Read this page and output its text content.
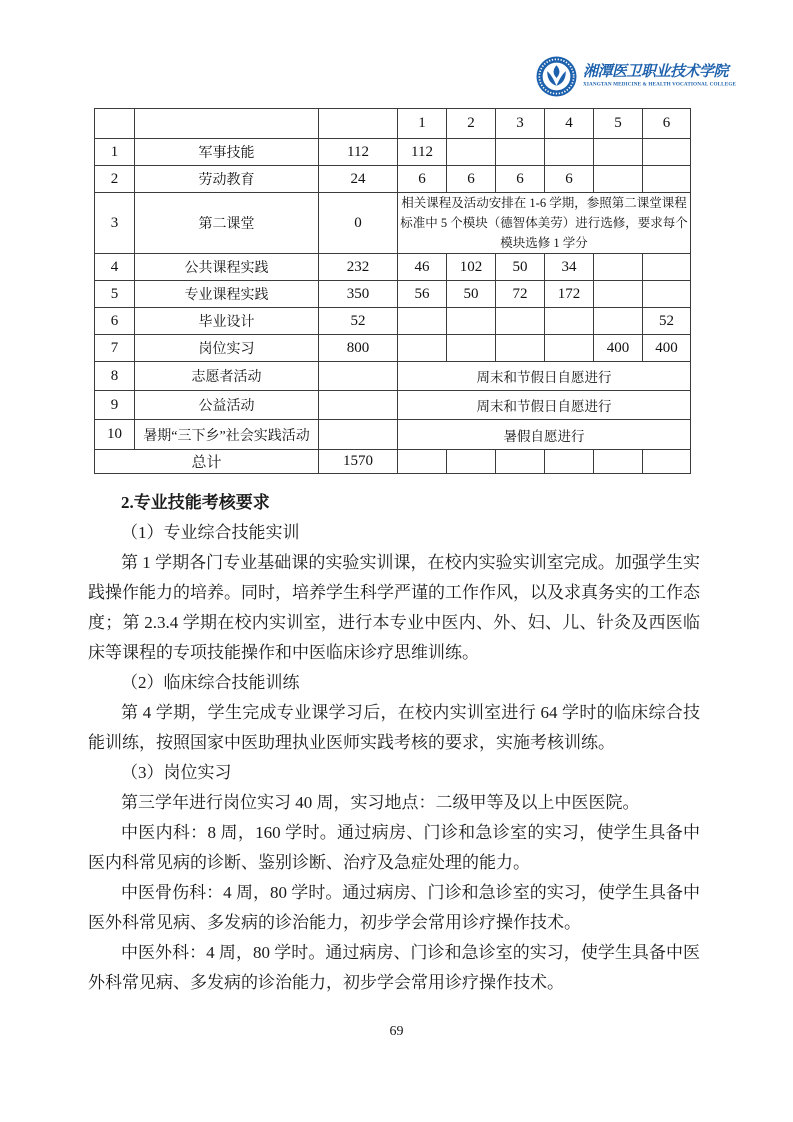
湘潭医卫职业技术学院
XIANGTAN MEDICINE & HEALTH VOCATIONAL COLLEGE
			1	2	3	4	5	6
1	军事技能	112	112					
2	劳动教育	24	6	6	6	6		
3	第二课堂	0	相关课程及活动安排在 1-6 学期，参照第二课堂课程标准中 5 个模块（德智体美劳）进行选修，要求每个模块选修 1 学分					
4	公共课程实践	232	46	102	50	34		
5	专业课程实践	350	56	50	72	172		
6	毕业设计	52						52
7	岗位实习	800					400	400
8	志愿者活动		周末和节假日自愿进行					
9	公益活动		周末和节假日自愿进行					
10	暑期“三下乡”社会实践活动		暑假自愿进行					
总计		1570						

2.专业技能考核要求

（1）专业综合技能实训

第 1 学期各门专业基础课的实验实训课，在校内实验实训室完成。加强学生实践操作能力的培养。同时，培养学生科学严谨的工作作风，以及求真务实的工作态度；第 2.3.4 学期在校内实训室，进行本专业中医内、外、妇、儿、针灸及西医临床等课程的专项技能操作和中医临床诊疗思维训练。

（2）临床综合技能训练

第 4 学期，学生完成专业课学习后，在校内实训室进行 64 学时的临床综合技能训练，按照国家中医助理执业医师实践考核的要求，实施考核训练。

（3）岗位实习

第三学年进行岗位实习 40 周，实习地点：二级甲等及以上中医医院。

中医内科：8 周，160 学时。通过病房、门诊和急诊室的实习，使学生具备中医内科常见病的诊断、鉴别诊断、治疗及急症处理的能力。

中医骨伤科：4 周，80 学时。通过病房、门诊和急诊室的实习，使学生具备中医外科常见病、多发病的诊治能力，初步学会常用诊疗操作技术。

中医外科：4 周，80 学时。通过病房、门诊和急诊室的实习，使学生具备中医外科常见病、多发病的诊治能力，初步学会常用诊疗操作技术。

69
